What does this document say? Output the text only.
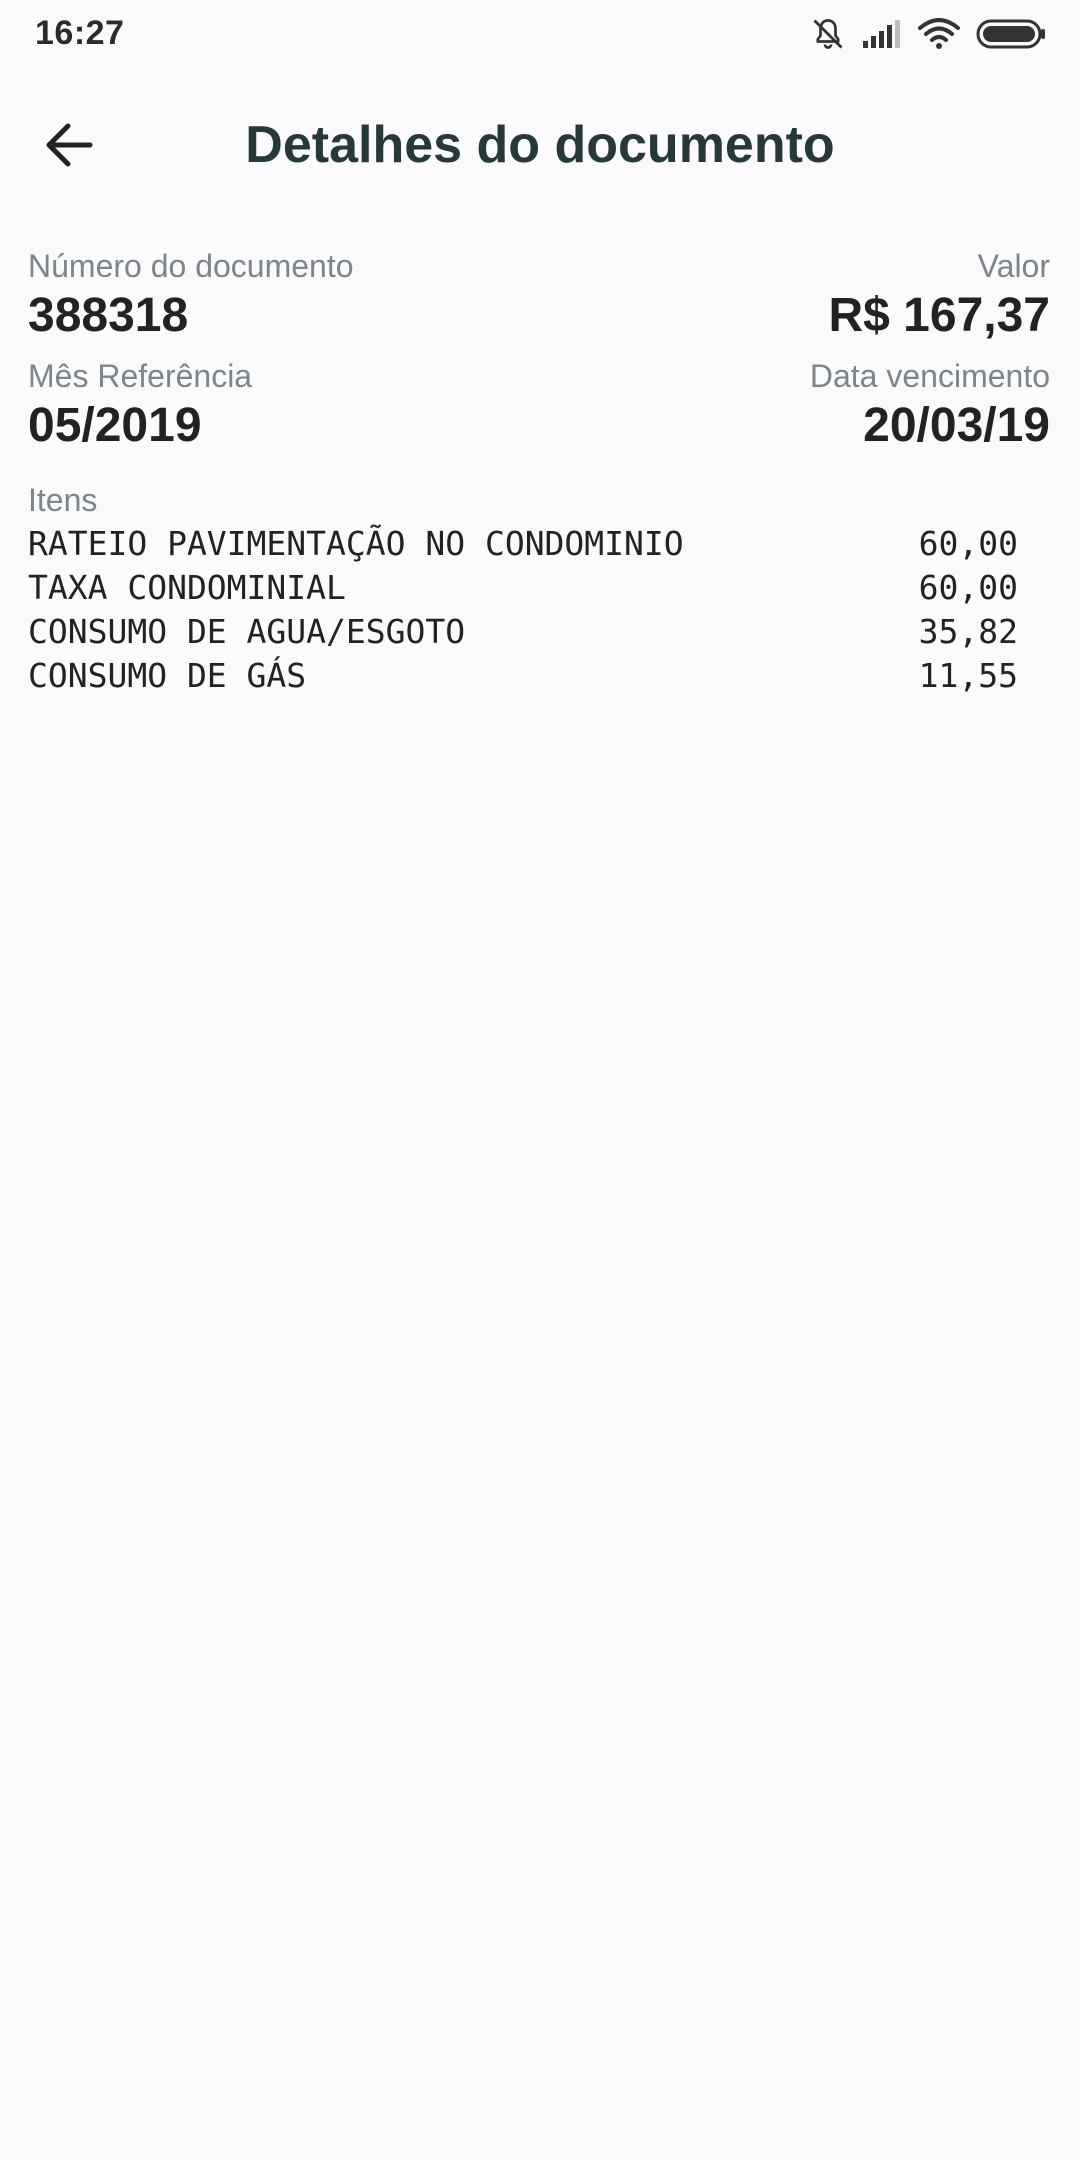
16:27
Detalhes do documento
Número do documento
388318
Valor
R$ 167,37
Mês Referência
05/2019
Data vencimento
20/03/19
Itens
RATEIO PAVIMENTAÇÃO NO CONDOMINIO	60,00
TAXA CONDOMINIAL	60,00
CONSUMO DE AGUA/ESGOTO	35,82
CONSUMO DE GÁS	11,55
